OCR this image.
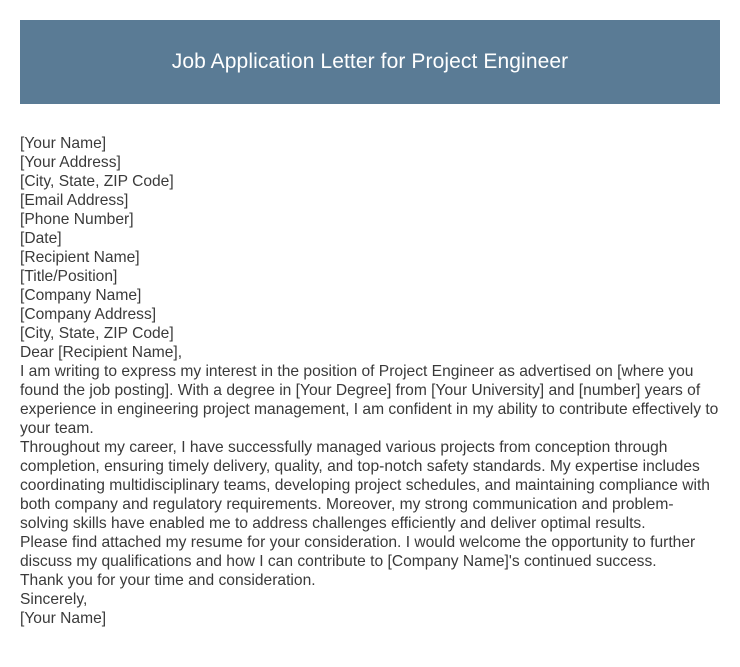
Job Application Letter for Project Engineer
[Your Name]
[Your Address]
[City, State, ZIP Code]
[Email Address]
[Phone Number]
[Date]
[Recipient Name]
[Title/Position]
[Company Name]
[Company Address]
[City, State, ZIP Code]
Dear [Recipient Name],

I am writing to express my interest in the position of Project Engineer as advertised on [where you found the job posting]. With a degree in [Your Degree] from [Your University] and [number] years of experience in engineering project management, I am confident in my ability to contribute effectively to your team.

Throughout my career, I have successfully managed various projects from conception through completion, ensuring timely delivery, quality, and top-notch safety standards. My expertise includes coordinating multidisciplinary teams, developing project schedules, and maintaining compliance with both company and regulatory requirements. Moreover, my strong communication and problem-solving skills have enabled me to address challenges efficiently and deliver optimal results.

Please find attached my resume for your consideration. I would welcome the opportunity to further discuss my qualifications and how I can contribute to [Company Name]'s continued success.

Thank you for your time and consideration.

Sincerely,
[Your Name]
